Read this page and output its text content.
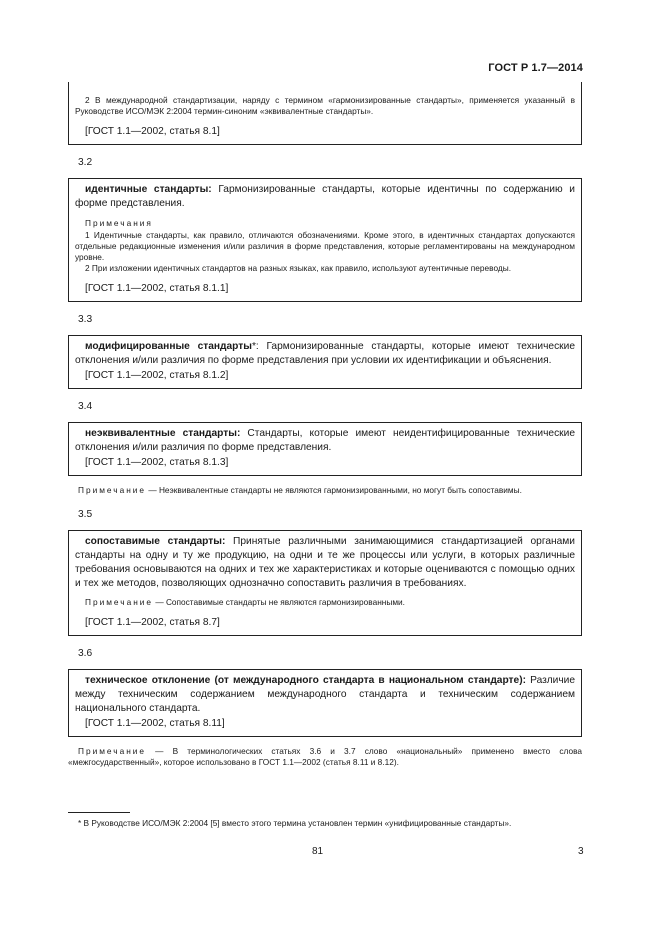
ГОСТ Р 1.7—2014

2 В международной стандартизации, наряду с термином «гармонизированные стандарты», применяется указанный в Руководстве ИСО/МЭК 2:2004 термин-синоним «эквивалентные стандарты».

[ГОСТ 1.1—2002, статья 8.1]

3.2

идентичные стандарты: Гармонизированные стандарты, которые идентичны по содержанию и форме представления.

Примечания

1 Идентичные стандарты, как правило, отличаются обозначениями. Кроме этого, в идентичных стандартах допускаются отдельные редакционные изменения и/или различия в форме представления, которые регламентированы на международном уровне.

2 При изложении идентичных стандартов на разных языках, как правило, используют аутентичные переводы.

[ГОСТ 1.1—2002, статья 8.1.1]

3.3

модифицированные стандарты*: Гармонизированные стандарты, которые имеют технические отклонения и/или различия по форме представления при условии их идентификации и объяснения.

[ГОСТ 1.1—2002, статья 8.1.2]

3.4

неэквивалентные стандарты: Стандарты, которые имеют неидентифицированные технические отклонения и/или различия по форме представления.

[ГОСТ 1.1—2002, статья 8.1.3]

Примечание — Неэквивалентные стандарты не являются гармонизированными, но могут быть сопоставимы.

3.5

сопоставимые стандарты: Принятые различными занимающимися стандартизацией органами стандарты на одну и ту же продукцию, на одни и те же процессы или услуги, в которых различные требования основываются на одних и тех же характеристиках и которые оцениваются с помощью одних и тех же методов, позволяющих однозначно сопоставить различия в требованиях.

Примечание — Сопоставимые стандарты не являются гармонизированными.

[ГОСТ 1.1—2002, статья 8.7]

3.6

техническое отклонение (от международного стандарта в национальном стандарте): Различие между техническим содержанием международного стандарта и техническим содержанием национального стандарта.

[ГОСТ 1.1—2002, статья 8.11]

Примечание — В терминологических статьях 3.6 и 3.7 слово «национальный» применено вместо слова «межгосударственный», которое использовано в ГОСТ 1.1—2002 (статья 8.11 и 8.12).

* В Руководстве ИСО/МЭК 2:2004 [5] вместо этого термина установлен термин «унифицированные стандарты».
81	3
